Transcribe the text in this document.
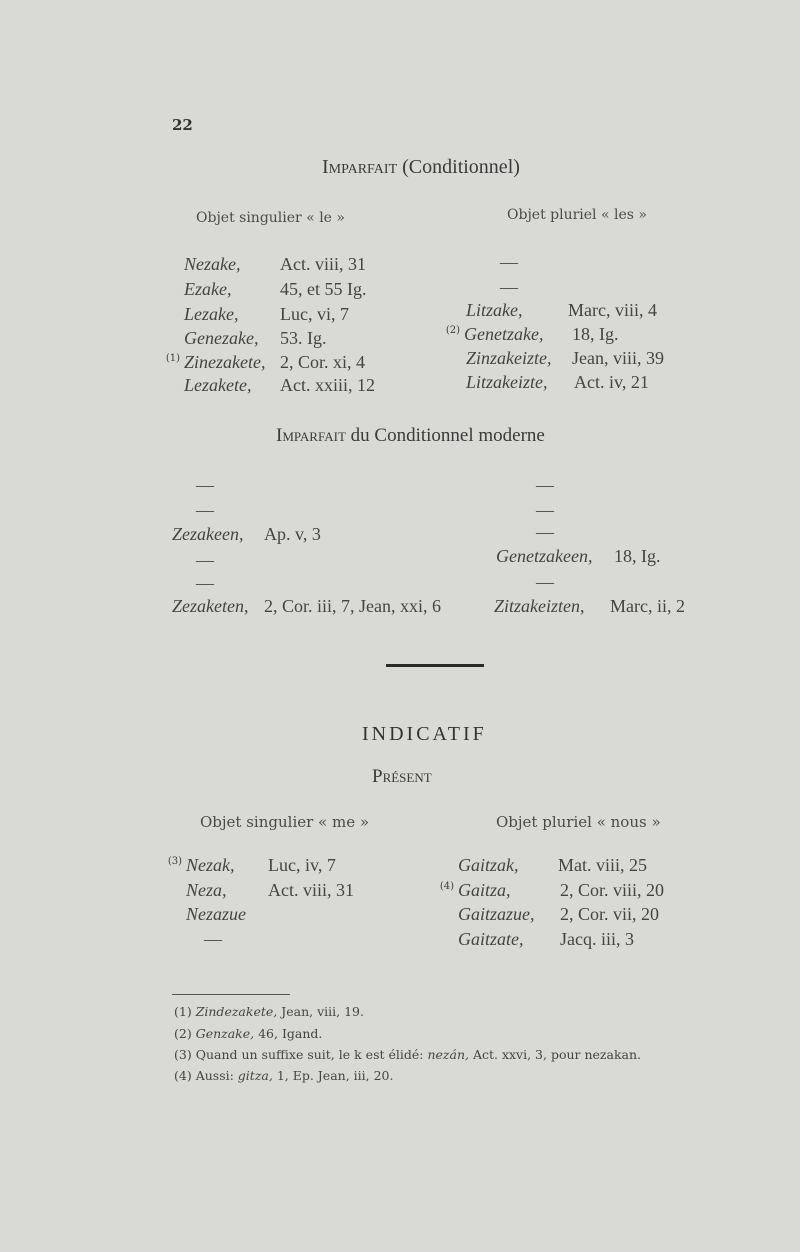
22
Imparfait (Conditionnel)
Objet singulier « le »	Objet pluriel « les »
Nezake, Act. viii, 31
Ezake,	45, et 55 Ig.
Lezake, Luc, vi, 7
Genezake, 53. Ig.
$^{(1)}$ Zinezakete, 2, Cor. xi, 4
Lezakete, Act. xxiii, 12
—
—
Litzake,	Marc, viii, 4
$^{(2)}$ Genetzake, 18, Ig.
Zinzakeizte, Jean, viii, 39
Litzakeizte, Act. iv, 21
Imparfait du Conditionnel moderne
—
—
Zezakeen, Ap. v, 3
—
—
Zezaketen, 2, Cor. iii, 7, Jean, xxi, 6
—
—
—
Genetzakeen, 18, Ig.
—
Zitzakeizten, Marc, ii, 2
INDICATIF
Présent
Objet singulier « me »	Objet pluriel « nous »
$^{(3)}$ Nezak, Luc, iv, 7
Neza, Act. viii, 31
Nezazue
—
Gaitzak, Mat. viii, 25
$^{(4)}$ Gaitza,	2, Cor. viii, 20
Gaitzazue, 2, Cor. vii, 20
Gaitzate, Jacq. iii, 3
(1) Zindezakete, Jean, viii, 19.
(2) Genzake, 46, Igand.
(3) Quand un suffixe suit, le k est élidé: nezán, Act. xxvi, 3, pour nezakan.
(4) Aussi: gitza, 1, Ep. Jean, iii, 20.
